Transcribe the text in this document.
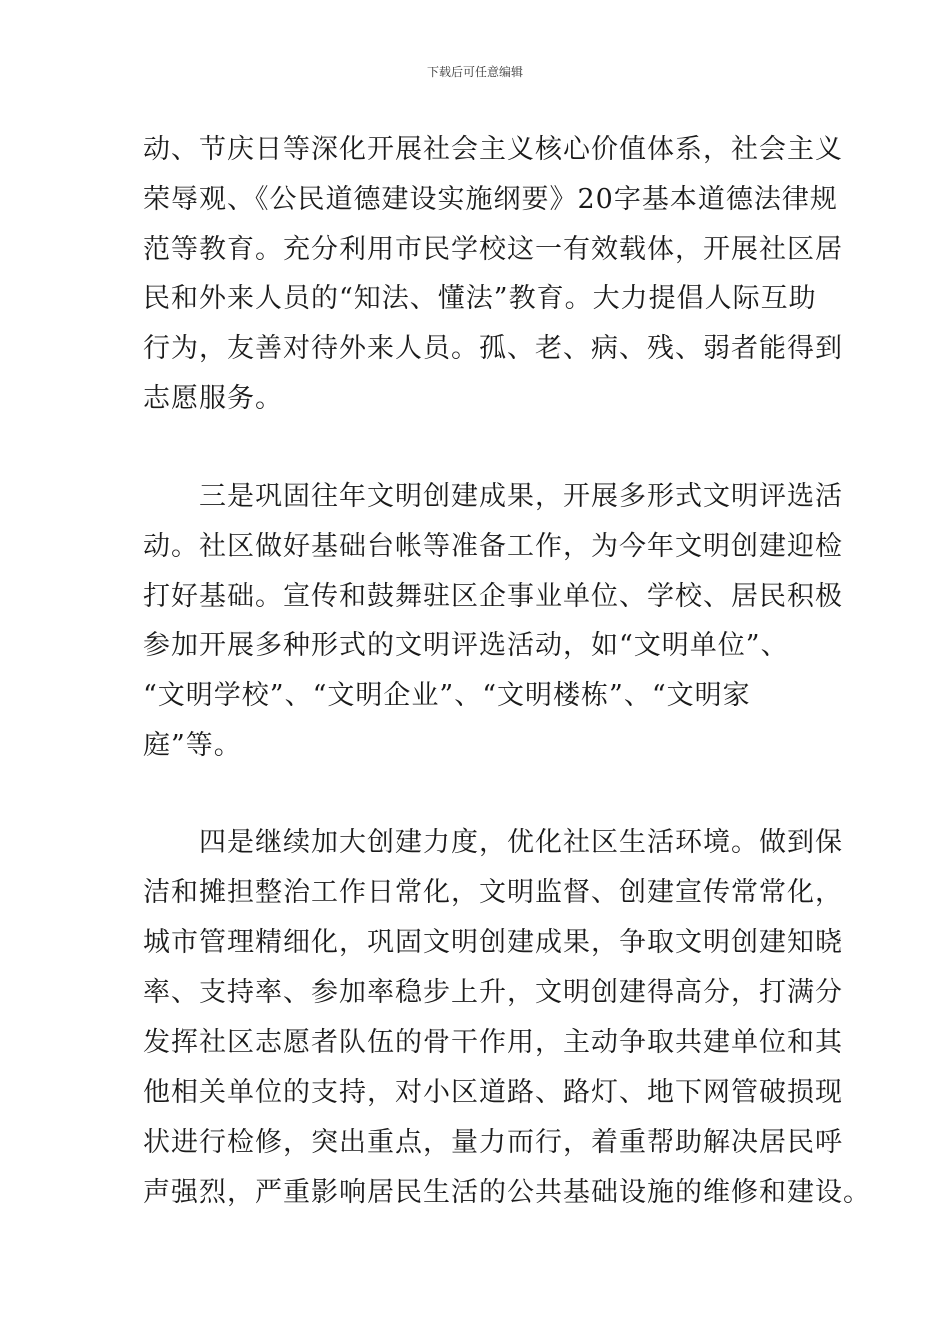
下载后可任意编辑
动、节庆日等深化开展社会主义核心价值体系，社会主义
荣辱观、《公民道德建设实施纲要》20字基本道德法律规
范等教育。充分利用市民学校这一有效载体，开展社区居
民和外来人员的“知法、懂法”教育。大力提倡人际互助
行为，友善对待外来人员。孤、老、病、残、弱者能得到
志愿服务。
三是巩固往年文明创建成果，开展多形式文明评选活
动。社区做好基础台帐等准备工作，为今年文明创建迎检
打好基础。宣传和鼓舞驻区企事业单位、学校、居民积极
参加开展多种形式的文明评选活动，如“文明单位”、
“文明学校”、“文明企业”、“文明楼栋”、“文明家
庭”等。
四是继续加大创建力度，优化社区生活环境。做到保
洁和摊担整治工作日常化，文明监督、创建宣传常常化，
城市管理精细化，巩固文明创建成果，争取文明创建知晓
率、支持率、参加率稳步上升，文明创建得高分，打满分
发挥社区志愿者队伍的骨干作用，主动争取共建单位和其
他相关单位的支持，对小区道路、路灯、地下网管破损现
状进行检修，突出重点，量力而行，着重帮助解决居民呼
声强烈，严重影响居民生活的公共基础设施的维修和建设。
